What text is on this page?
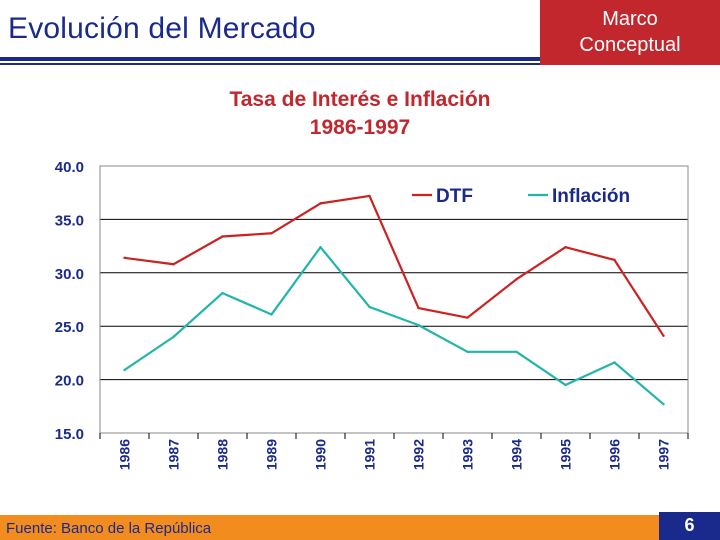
Evolución del Mercado	Marco
Conceptual
Tasa de Interés e Inflación
1986-1997
40.0
35.0
30.0
25.0
20.0
15.0
1986 1987 1988 1989 1990 1991 1992 1993 1994 1995 1996 1997
DTF	Inflación
Fuente: Banco de la República	6
